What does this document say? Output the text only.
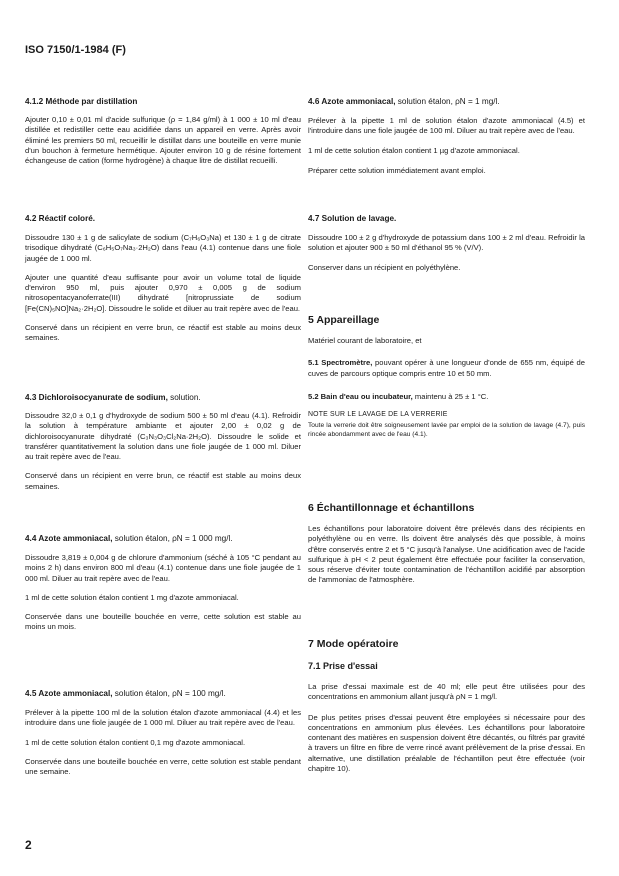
ISO 7150/1-1984 (F)
4.1.2 Méthode par distillation

Ajouter 0,10 ± 0,01 ml d'acide sulfurique (ρ = 1,84 g/ml) à 1 000 ± 10 ml d'eau distillée et redistiller cette eau acidifiée dans un appareil en verre. Après avoir éliminé les premiers 50 ml, recueillir le distillat dans une bouteille en verre munie d'un bouchon à fermeture hermétique. Ajouter environ 10 g de résine fortement échangeuse de cation (forme hydrogène) à chaque litre de distillat recueilli.

4.2 Réactif coloré.

Dissoudre 130 ± 1 g de salicylate de sodium (C₇H₆O₃Na) et 130 ± 1 g de citrate trisodique dihydraté (C₆H₅O₇Na₃·2H₂O) dans l'eau (4.1) contenue dans une fiole jaugée de 1 000 ml.

Ajouter une quantité d'eau suffisante pour avoir un volume total de liquide d'environ 950 ml, puis ajouter 0,970 ± 0,005 g de sodium nitrosopentacyanoferrate(III) dihydraté [nitroprussiate de sodium [Fe(CN)₅NO]Na₂·2H₂O]. Dissoudre le solide et diluer au trait repère avec de l'eau.

Conservé dans un récipient en verre brun, ce réactif est stable au moins deux semaines.

4.3 Dichloroisocyanurate de sodium, solution.

Dissoudre 32,0 ± 0,1 g d'hydroxyde de sodium 500 ± 50 ml d'eau (4.1). Refroidir la solution à température ambiante et ajouter 2,00 ± 0,02 g de dichloroisocyanurate dihydraté (C₃N₃O₃Cl₂Na·2H₂O). Dissoudre le solide et transférer quantitativement la solution dans une fiole jaugée de 1 000 ml. Diluer au trait repère avec de l'eau.

Conservé dans un récipient en verre brun, ce réactif est stable au moins deux semaines.

4.4 Azote ammoniacal, solution étalon, ρN = 1 000 mg/l.

Dissoudre 3,819 ± 0,004 g de chlorure d'ammonium (séché à 105 °C pendant au moins 2 h) dans environ 800 ml d'eau (4.1) contenue dans une fiole jaugée de 1 000 ml. Diluer au trait repère avec de l'eau.

1 ml de cette solution étalon contient 1 mg d'azote ammoniacal.

Conservée dans une bouteille bouchée en verre, cette solution est stable au moins un mois.

4.5 Azote ammoniacal, solution étalon, ρN = 100 mg/l.

Prélever à la pipette 100 ml de la solution étalon d'azote ammoniacal (4.4) et les introduire dans une fiole jaugée de 1 000 ml. Diluer au trait repère avec de l'eau.

1 ml de cette solution étalon contient 0,1 mg d'azote ammoniacal.

Conservée dans une bouteille bouchée en verre, cette solution est stable pendant une semaine.

4.6 Azote ammoniacal, solution étalon, ρN = 1 mg/l.

Prélever à la pipette 1 ml de solution étalon d'azote ammoniacal (4.5) et l'introduire dans une fiole jaugée de 100 ml. Diluer au trait repère avec de l'eau.

1 ml de cette solution étalon contient 1 µg d'azote ammoniacal.

Préparer cette solution immédiatement avant emploi.

4.7 Solution de lavage.

Dissoudre 100 ± 2 g d'hydroxyde de potassium dans 100 ± 2 ml d'eau. Refroidir la solution et ajouter 900 ± 50 ml d'éthanol 95 % (V/V).

Conserver dans un récipient en polyéthylène.

5 Appareillage

Matériel courant de laboratoire, et

5.1 Spectromètre, pouvant opérer à une longueur d'onde de 655 nm, équipé de cuves de parcours optique compris entre 10 et 50 mm.

5.2 Bain d'eau ou incubateur, maintenu à 25 ± 1 °C.

NOTE SUR LE LAVAGE DE LA VERRERIE

Toute la verrerie doit être soigneusement lavée par emploi de la solution de lavage (4.7), puis rincée abondamment avec de l'eau (4.1).

6 Échantillonnage et échantillons

Les échantillons pour laboratoire doivent être prélevés dans des récipients en polyéthylène ou en verre. Ils doivent être analysés dès que possible, à moins d'être conservés entre 2 et 5 °C jusqu'à l'analyse. Une acidification avec de l'acide sulfurique à pH < 2 peut également être effectuée pour faciliter la conservation, sous réserve d'éviter toute contamination de l'échantillon acidifié par absorption de l'ammoniac de l'atmosphère.

7 Mode opératoire
7.1 Prise d'essai

La prise d'essai maximale est de 40 ml; elle peut être utilisées pour des concentrations en ammonium allant jusqu'à ρN = 1 mg/l.

De plus petites prises d'essai peuvent être employées si nécessaire pour des concentrations en ammonium plus élevées. Les échantillons pour laboratoire contenant des matières en suspension doivent être décantés, ou filtrés par gravité à travers un filtre en fibre de verre rincé avant prélèvement de la prise d'essai. En alternative, une distillation préalable de l'échantillon peut être effectuée (voir chapitre 10).

2
